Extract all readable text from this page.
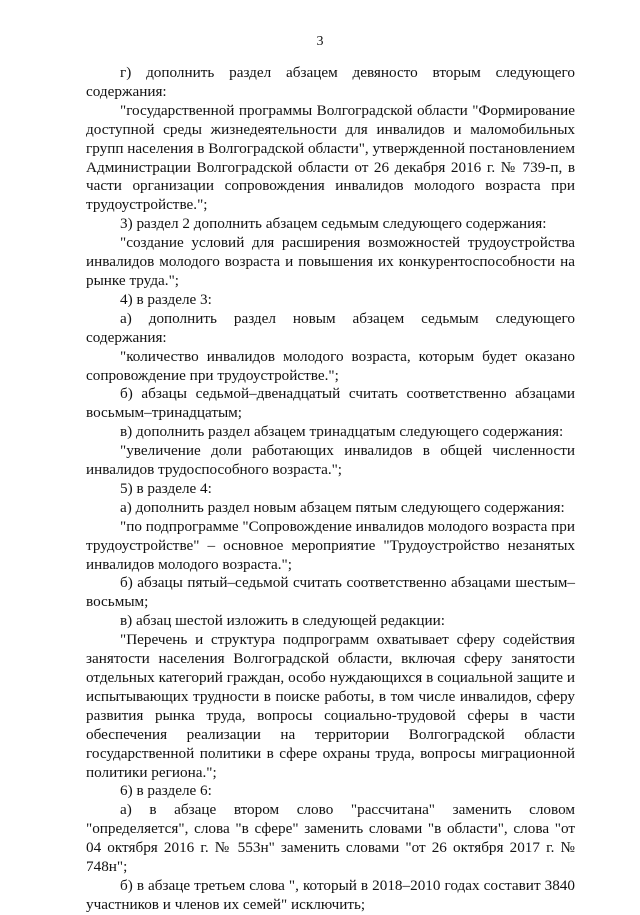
3

г) дополнить раздел абзацем девяносто вторым следующего содержания:

"государственной программы Волгоградской области "Формирование доступной среды жизнедеятельности для инвалидов и маломобильных групп населения в Волгоградской области", утвержденной постановлением Администрации Волгоградской области от 26 декабря 2016 г. № 739-п, в части организации сопровождения инвалидов молодого возраста при трудоустройстве.";

3) раздел 2 дополнить абзацем седьмым следующего содержания:

"создание условий для расширения возможностей трудоустройства инвалидов молодого возраста и повышения их конкурентоспособности на рынке труда.";

4) в разделе 3:

а) дополнить раздел новым абзацем седьмым следующего содержания:

"количество инвалидов молодого возраста, которым будет оказано сопровождение при трудоустройстве.";

б) абзацы седьмой–двенадцатый считать соответственно абзацами восьмым–тринадцатым;

в) дополнить раздел абзацем тринадцатым следующего содержания:

"увеличение доли работающих инвалидов в общей численности инвалидов трудоспособного возраста.";

5) в разделе 4:

а) дополнить раздел новым абзацем пятым следующего содержания:

"по подпрограмме "Сопровождение инвалидов молодого возраста при трудоустройстве" – основное мероприятие "Трудоустройство незанятых инвалидов молодого возраста.";

б) абзацы пятый–седьмой считать соответственно абзацами шестым–восьмым;

в) абзац шестой изложить в следующей редакции:

"Перечень и структура подпрограмм охватывает сферу содействия занятости населения Волгоградской области, включая сферу занятости отдельных категорий граждан, особо нуждающихся в социальной защите и испытывающих трудности в поиске работы, в том числе инвалидов, сферу развития рынка труда, вопросы социально-трудовой сферы в части обеспечения реализации на территории Волгоградской области государственной политики в сфере охраны труда, вопросы миграционной политики региона.";

6) в разделе 6:

а) в абзаце втором слово "рассчитана" заменить словом "определяется", слова "в сфере" заменить словами "в области", слова "от 04 октября 2016 г. № 553н" заменить словами "от 26 октября 2017 г. № 748н";

б) в абзаце третьем слова ", который в 2018–2010 годах составит 3840 участников и членов их семей" исключить;
